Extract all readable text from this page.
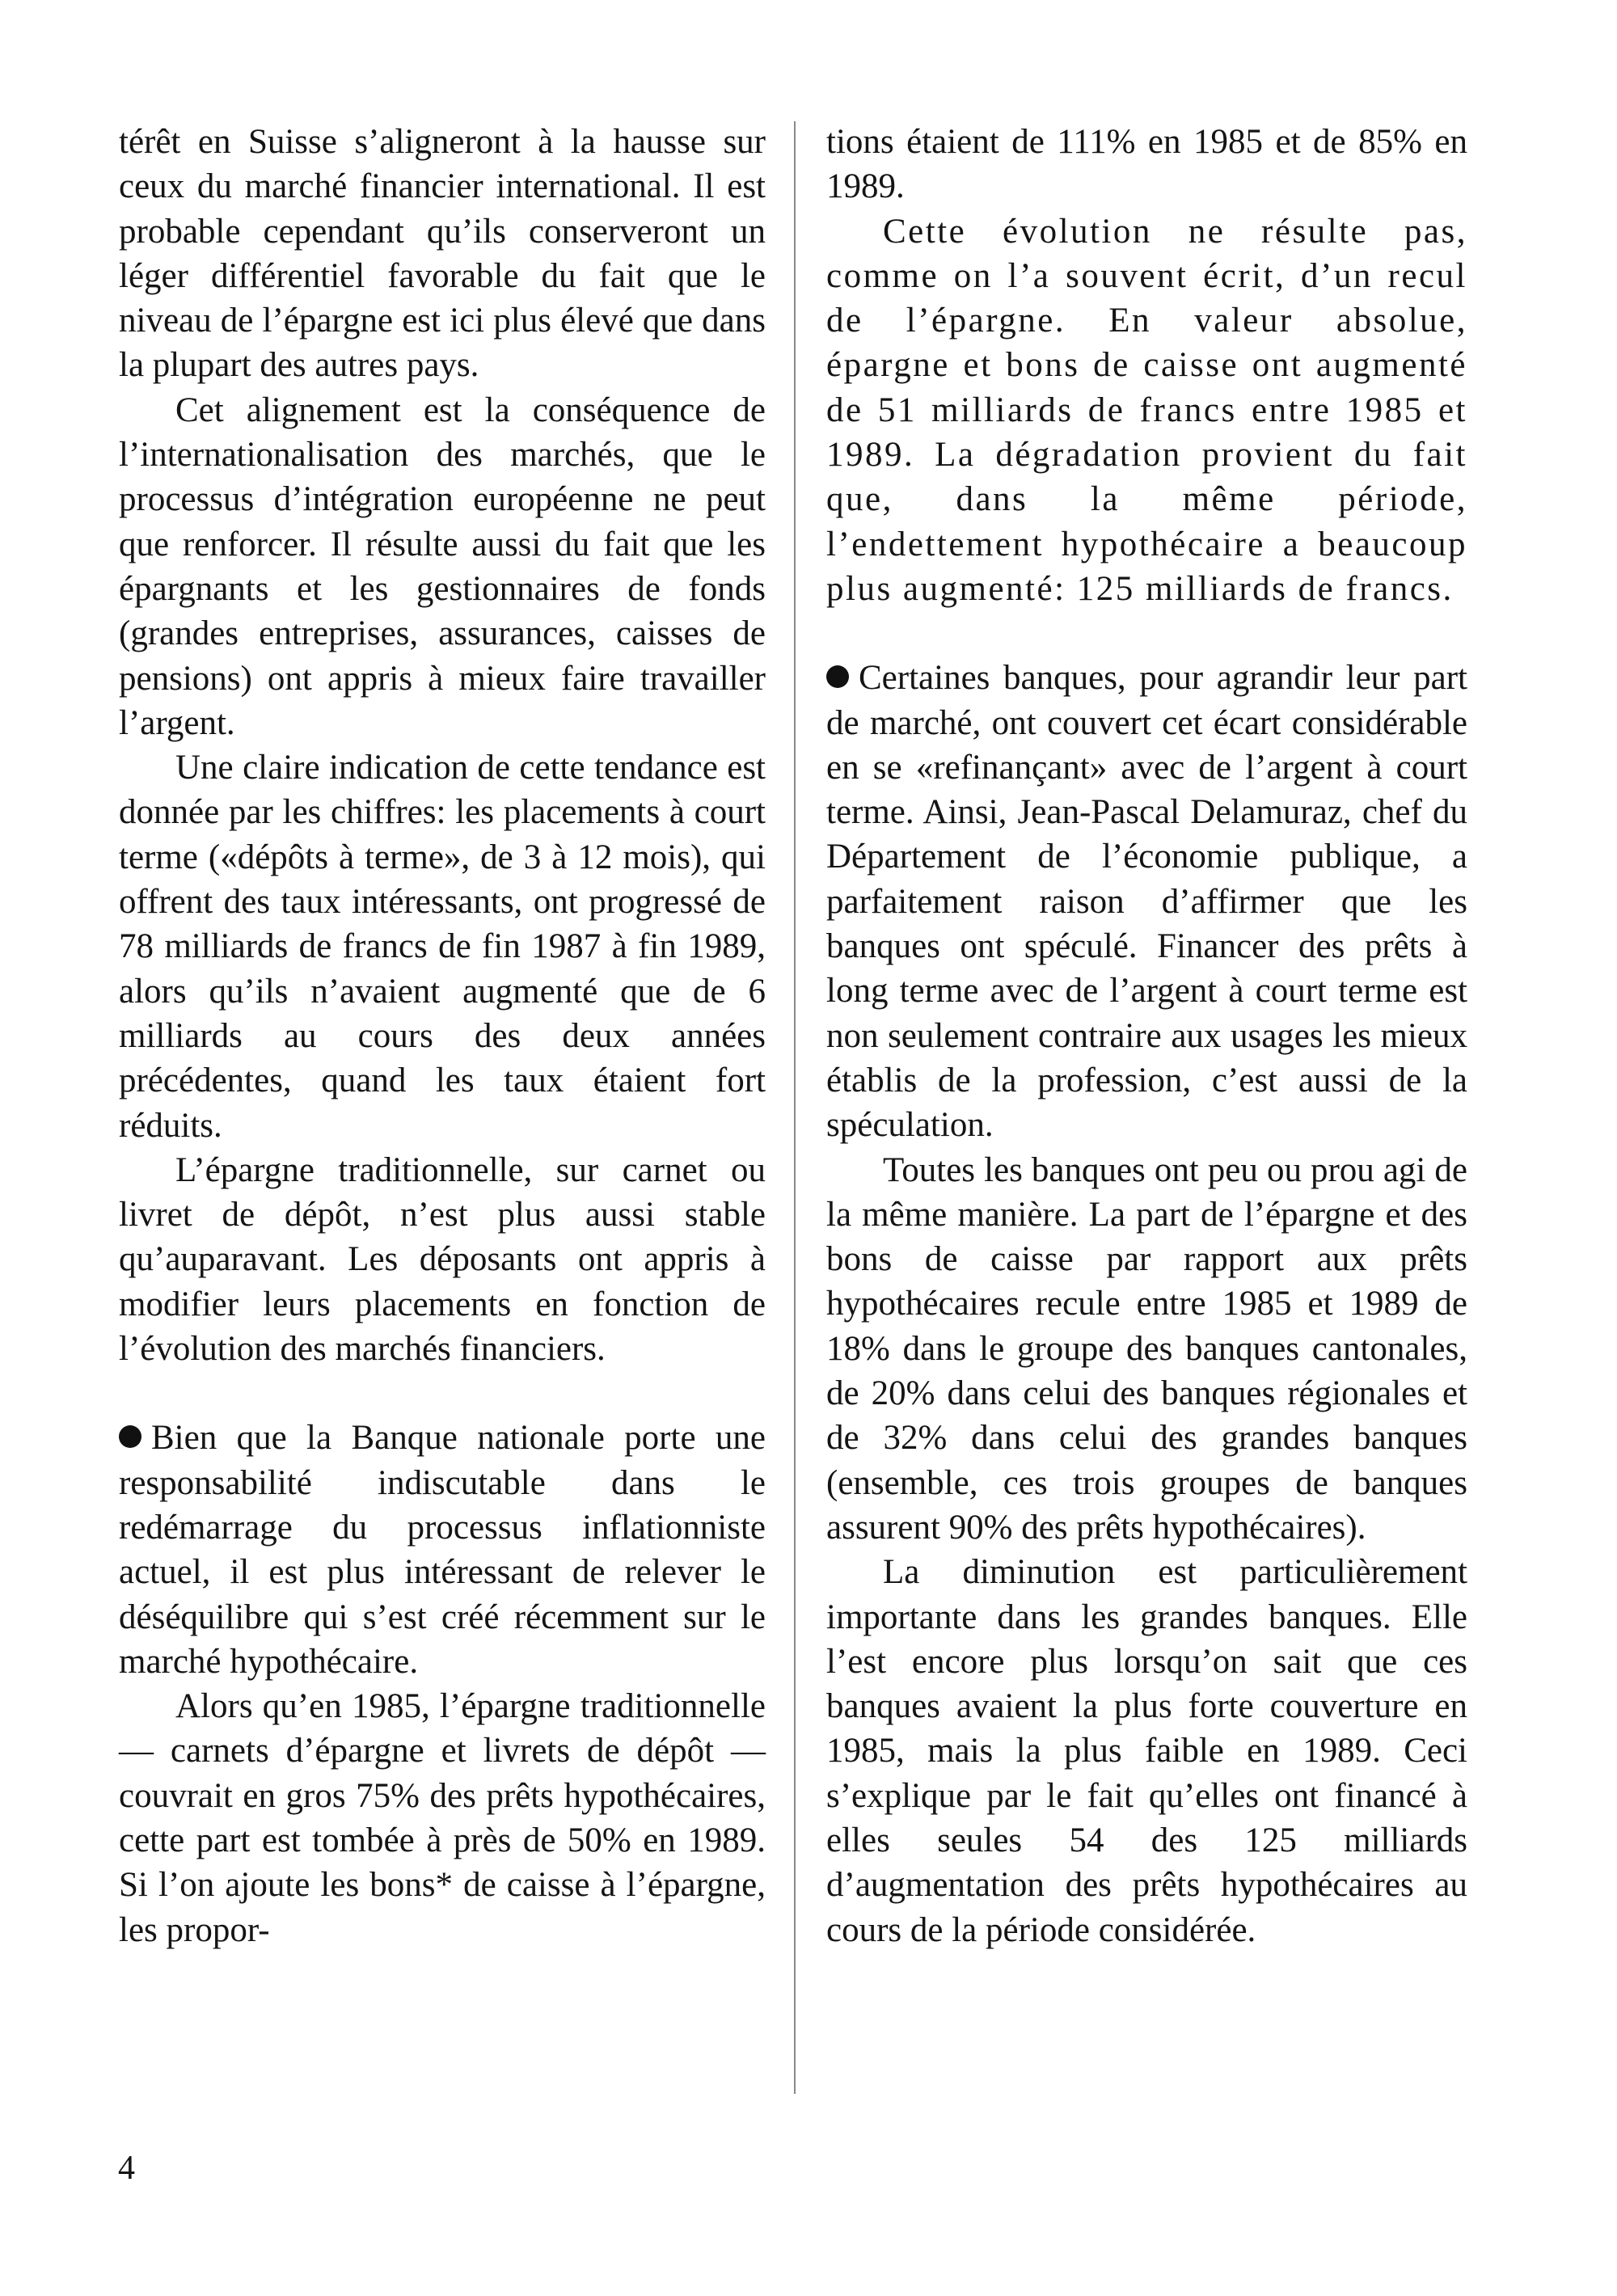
térêt en Suisse s’aligneront à la hausse sur ceux du marché financier international. Il est probable cependant qu’ils conserveront un léger différentiel favorable du fait que le niveau de l’épargne est ici plus élevé que dans la plupart des autres pays.

Cet alignement est la conséquence de l’internationalisation des marchés, que le processus d’intégration européenne ne peut que renforcer. Il résulte aussi du fait que les épargnants et les gestionnaires de fonds (grandes entreprises, assurances, caisses de pensions) ont appris à mieux faire travailler l’argent.

Une claire indication de cette tendance est donnée par les chiffres: les placements à court terme («dépôts à terme», de 3 à 12 mois), qui offrent des taux intéressants, ont progressé de 78 milliards de francs de fin 1987 à fin 1989, alors qu’ils n’avaient augmenté que de 6 milliards au cours des deux années précédentes, quand les taux étaient fort réduits.

L’épargne traditionnelle, sur carnet ou livret de dépôt, n’est plus aussi stable qu’auparavant. Les déposants ont appris à modifier leurs placements en fonction de l’évolution des marchés financiers.

Bien que la Banque nationale porte une responsabilité indiscutable dans le redémarrage du processus inflationniste actuel, il est plus intéressant de relever le déséquilibre qui s’est créé récemment sur le marché hypothécaire.

Alors qu’en 1985, l’épargne traditionnelle — carnets d’épargne et livrets de dépôt — couvrait en gros 75% des prêts hypothécaires, cette part est tombée à près de 50% en 1989. Si l’on ajoute les bons* de caisse à l’épargne, les propor-

tions étaient de 111% en 1985 et de 85% en 1989.

Cette évolution ne résulte pas, comme on l’a souvent écrit, d’un recul de l’épargne. En valeur absolue, épargne et bons de caisse ont augmenté de 51 milliards de francs entre 1985 et 1989. La dégradation provient du fait que, dans la même période, l’endettement hypothécaire a beaucoup plus augmenté: 125 milliards de francs.

Certaines banques, pour agrandir leur part de marché, ont couvert cet écart considérable en se «refinançant» avec de l’argent à court terme. Ainsi, Jean-Pascal Delamuraz, chef du Département de l’économie publique, a parfaitement raison d’affirmer que les banques ont spéculé. Financer des prêts à long terme avec de l’argent à court terme est non seulement contraire aux usages les mieux établis de la profession, c’est aussi de la spéculation.

Toutes les banques ont peu ou prou agi de la même manière. La part de l’épargne et des bons de caisse par rapport aux prêts hypothécaires recule entre 1985 et 1989 de 18% dans le groupe des banques cantonales, de 20% dans celui des banques régionales et de 32% dans celui des grandes banques (ensemble, ces trois groupes de banques assurent 90% des prêts hypothécaires).

La diminution est particulièrement importante dans les grandes banques. Elle l’est encore plus lorsqu’on sait que ces banques avaient la plus forte couverture en 1985, mais la plus faible en 1989. Ceci s’explique par le fait qu’elles ont financé à elles seules 54 des 125 milliards d’augmentation des prêts hypothécaires au cours de la période considérée.

4
